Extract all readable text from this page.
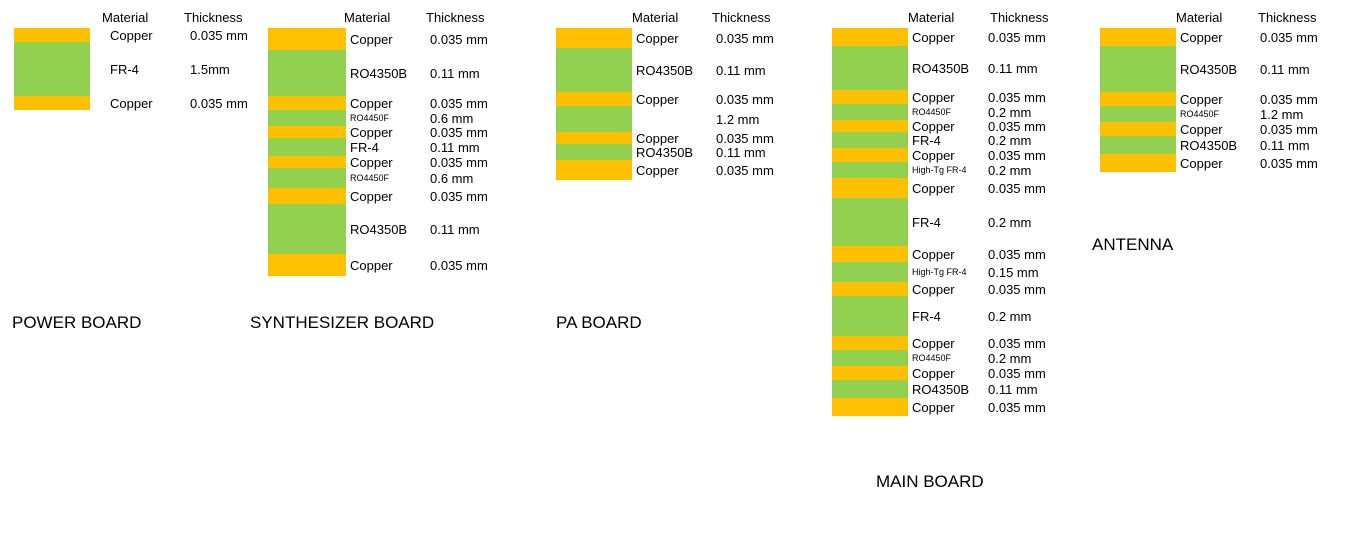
Material	Thickness
Copper	0.035 mm
FR-4	1.5mm
Copper	0.035 mm
POWER BOARD
Material	Thickness
Copper	0.035 mm
RO4350B 0.11 mm
Copper	0.035 mm
RO4450F	0.6 mm
Copper	0.035 mm
FR-4	0.11 mm
Copper	0.035 mm
RO4450F	0.6 mm
Copper	0.035 mm
RO4350B 0.11 mm
Copper	0.035 mm
SYNTHESIZER BOARD
Material	Thickness
Copper	0.035 mm
RO4350B 0.11 mm
Copper	0.035 mm
1.2 mm
Copper	0.035 mm
RO4350B 0.11 mm
Copper	0.035 mm
PA BOARD
Material	Thickness
Copper	0.035 mm
RO4350B 0.11 mm
Copper	0.035 mm
RO4450F	0.2 mm
Copper	0.035 mm
FR-4	0.2 mm
Copper	0.035 mm
High-Tg FR-4 0.2 mm
Copper	0.035 mm
FR-4	0.2 mm
Copper	0.035 mm
High-Tg FR-4 0.15 mm
Copper	0.035 mm
FR-4	0.2 mm
Copper	0.035 mm
RO4450F	0.2 mm
Copper	0.035 mm
RO4350B 0.11 mm
Copper	0.035 mm
MAIN BOARD
Material	Thickness
Copper	0.035 mm
RO4350B 0.11 mm
Copper	0.035 mm
RO4450F	1.2 mm
Copper	0.035 mm
RO4350B 0.11 mm
Copper	0.035 mm
ANTENNA
